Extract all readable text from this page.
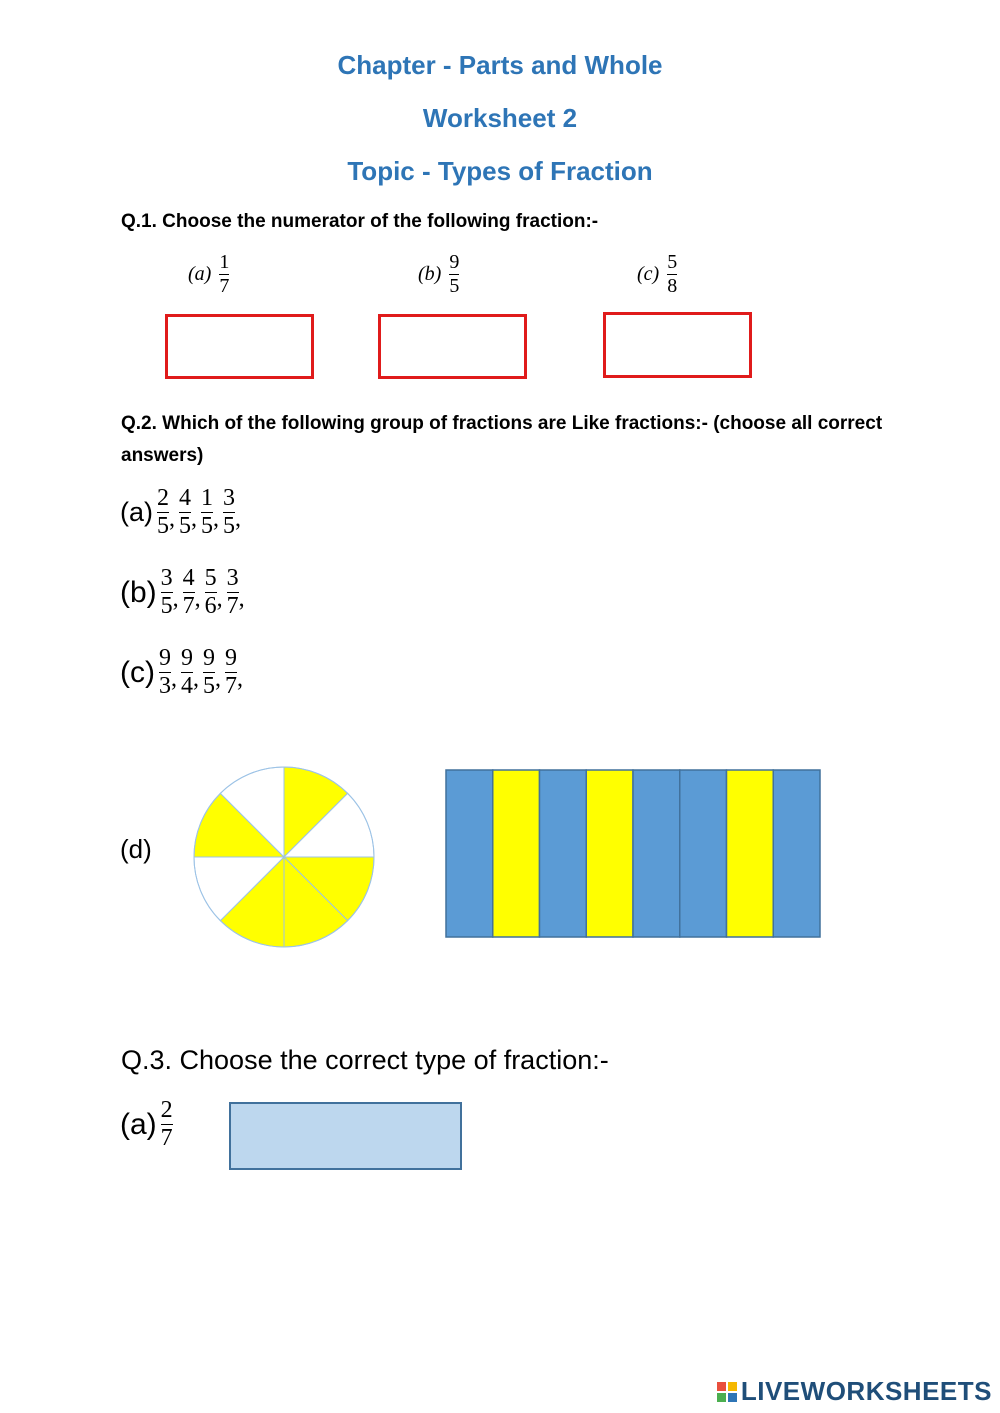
Chapter - Parts and Whole
Worksheet 2
Topic - Types of Fraction
Q.1. Choose the numerator of the following fraction:-
$(a) \frac{1}{7}$	$(b) \frac{9}{5}$	$(c) \frac{5}{8}$
Q.2. Which of the following group of fractions are Like fractions:- (choose all correct answers)
$(a) \frac{2}{5}$ , $\frac{4}{5}$ , $\frac{1}{5}$ , $\frac{3}{5}$ ,
$(b) \frac{3}{5}$ , $\frac{4}{7}$ , $\frac{5}{6}$ , $\frac{3}{7}$ ,
$(c) \frac{9}{3}$ , $\frac{9}{4}$ , $\frac{9}{5}$ , $\frac{9}{7}$ ,
(d)
Q.3. Choose the correct type of fraction:-
$(a) \frac{2}{7}$
LIVEWORKSHEETS
